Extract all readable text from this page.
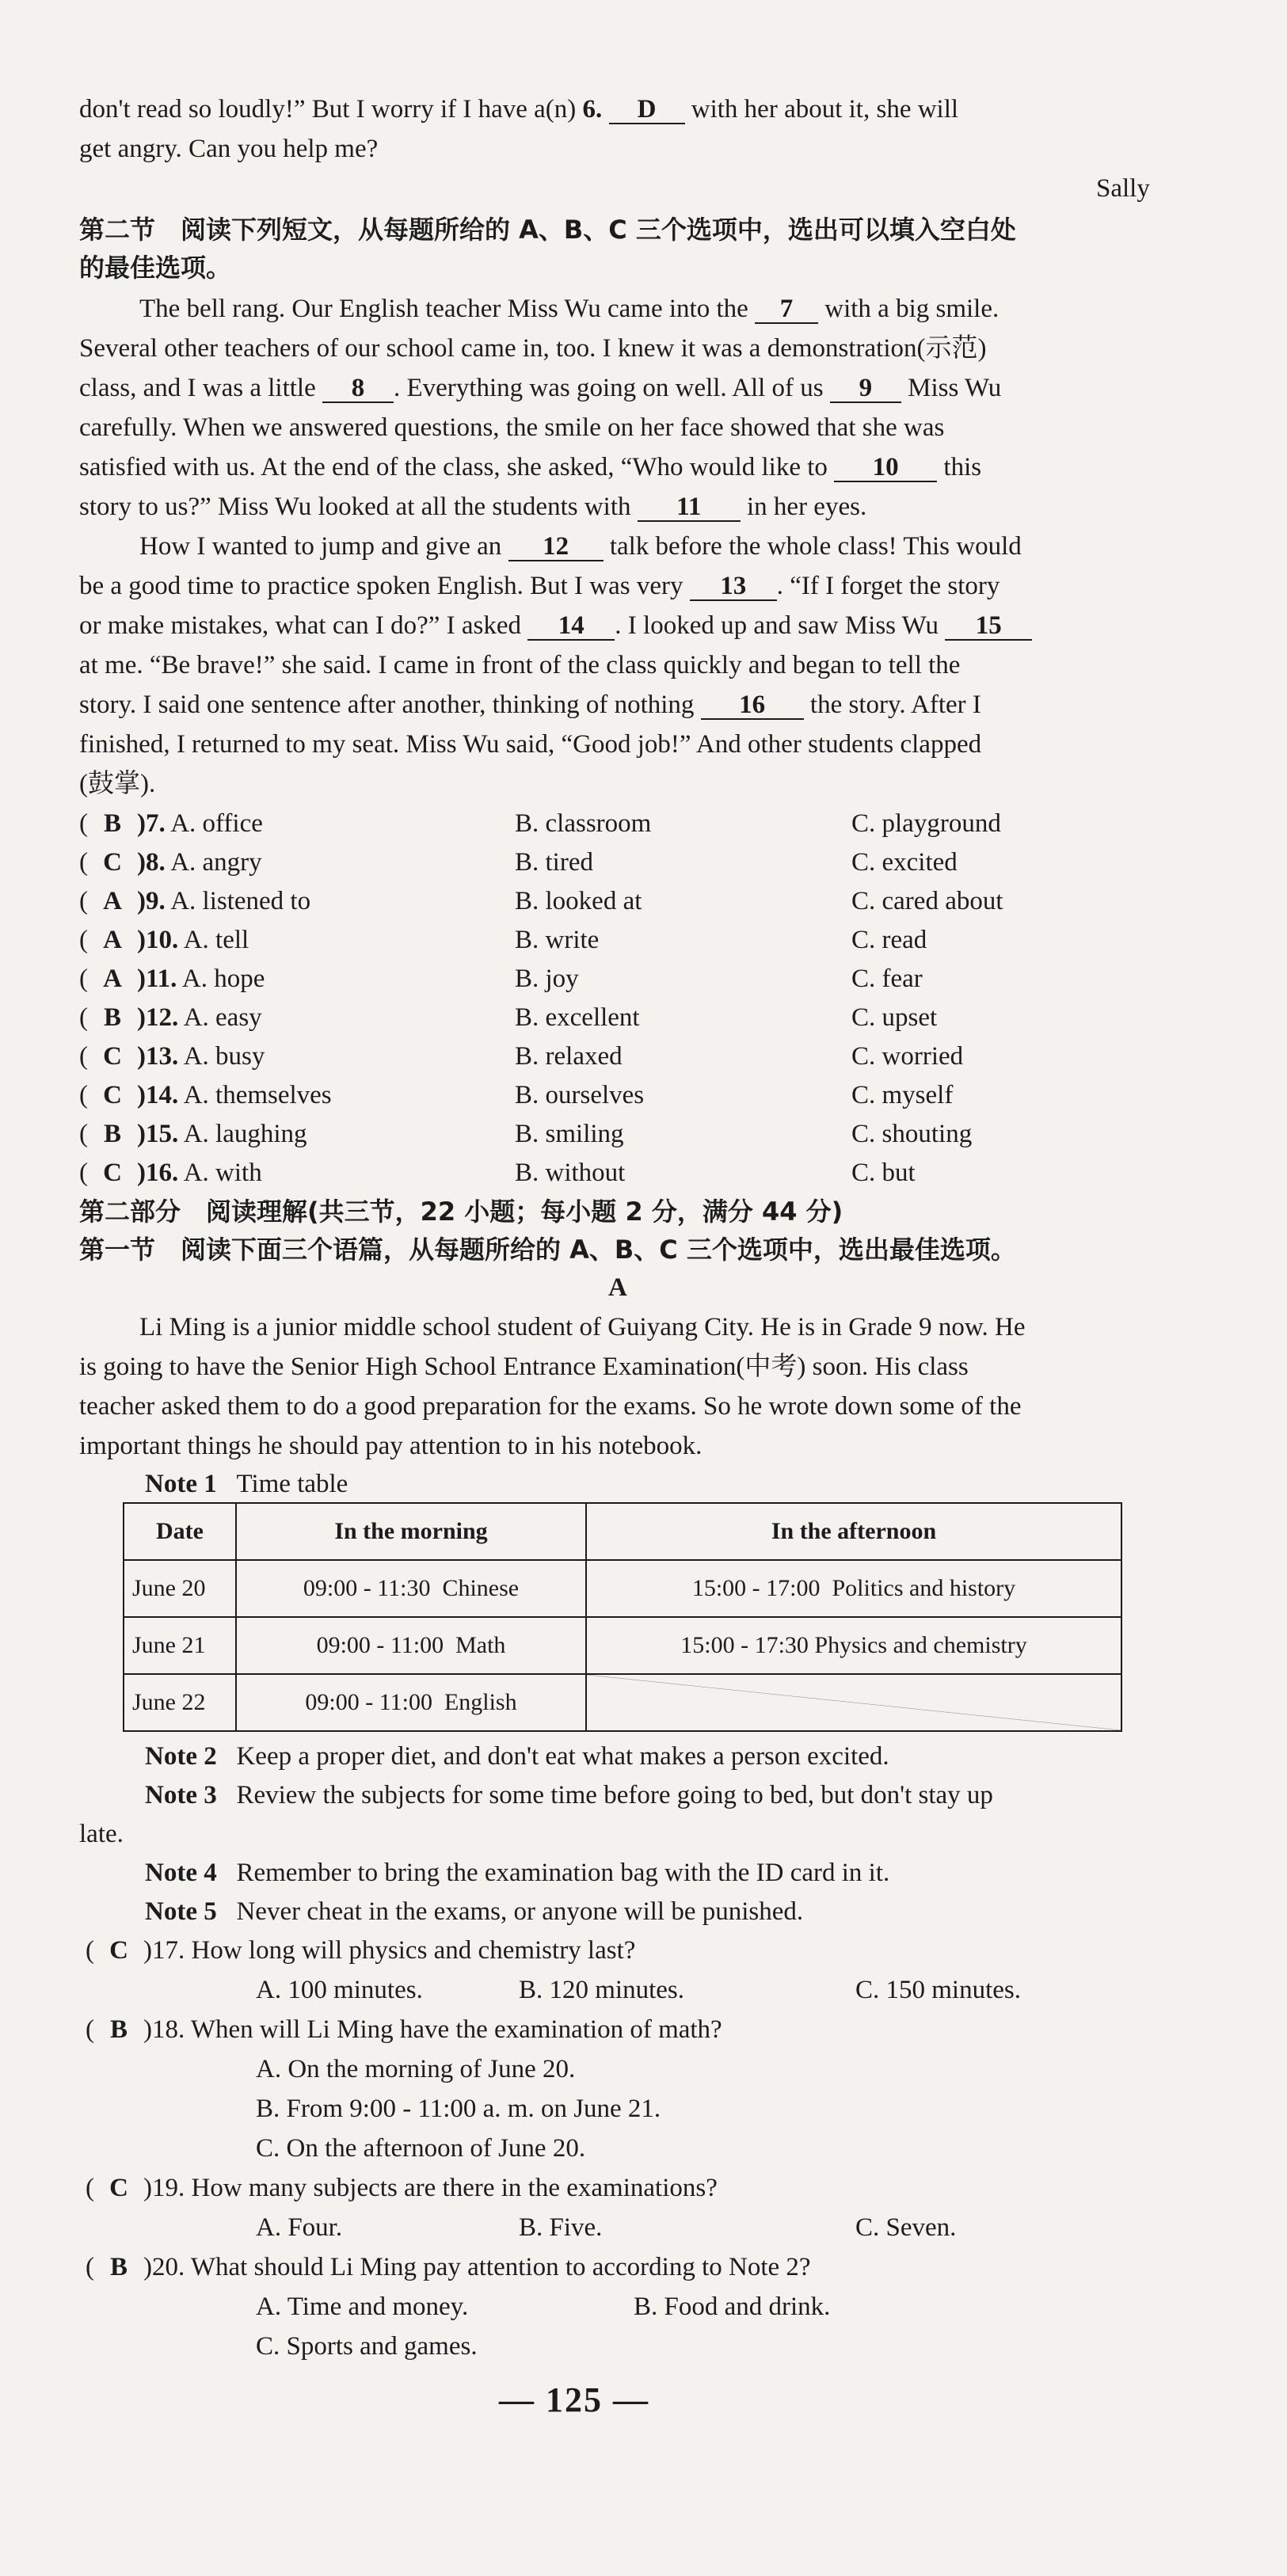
don't read so loudly!” But I worry if I have a(n) 6. D with her about it, she will
get angry. Can you help me?
Sally
第二节　阅读下列短文，从每题所给的 A、B、C 三个选项中，选出可以填入空白处
的最佳选项。
The bell rang. Our English teacher Miss Wu came into the 7 with a big smile.
Several other teachers of our school came in, too. I knew it was a demonstration(示范)
class, and I was a little 8 . Everything was going on well. All of us 9 Miss Wu
carefully. When we answered questions, the smile on her face showed that she was
satisfied with us. At the end of the class, she asked, “Who would like to 10 this
story to us?” Miss Wu looked at all the students with 11 in her eyes.
How I wanted to jump and give an 12 talk before the whole class! This would
be a good time to practice spoken English. But I was very 13 . “If I forget the story
or make mistakes, what can I do?” I asked 14 . I looked up and saw Miss Wu 15
at me. “Be brave!” she said. I came in front of the class quickly and began to tell the
story. I said one sentence after another, thinking of nothing 16 the story. After I
finished, I returned to my seat. Miss Wu said, “Good job!” And other students clapped
(鼓掌).
( B )7. A. office	B. classroom	C. playground
( C )8. A. angry	B. tired	C. excited
( A )9. A. listened to	B. looked at	C. cared about
( A )10. A. tell	B. write	C. read
( A )11. A. hope	B. joy	C. fear
( B )12. A. easy	B. excellent	C. upset
( C )13. A. busy	B. relaxed	C. worried
( C )14. A. themselves	B. ourselves	C. myself
( B )15. A. laughing	B. smiling	C. shouting
( C )16. A. with	B. without	C. but
第二部分　阅读理解(共三节，22 小题；每小题 2 分，满分 44 分)
第一节　阅读下面三个语篇，从每题所给的 A、B、C 三个选项中，选出最佳选项。
A
Li Ming is a junior middle school student of Guiyang City. He is in Grade 9 now. He
is going to have the Senior High School Entrance Examination(中考) soon. His class
teacher asked them to do a good preparation for the exams. So he wrote down some of the
important things he should pay attention to in his notebook.
Note 1 Time table
Date	In the morning	In the afternoon
June 20	09:00 - 11:30  Chinese	15:00 - 17:00  Politics and history
June 21	09:00 - 11:00  Math	15:00 - 17:30 Physics and chemistry
June 22	09:00 - 11:00  English	
Note 2 Keep a proper diet, and don't eat what makes a person excited.
Note 3 Review the subjects for some time before going to bed, but don't stay up
late.
Note 4 Remember to bring the examination bag with the ID card in it.
Note 5 Never cheat in the exams, or anyone will be punished.
( C )17. How long will physics and chemistry last?
A. 100 minutes.	B. 120 minutes.	C. 150 minutes.
( B )18. When will Li Ming have the examination of math?
A. On the morning of June 20.
B. From 9:00 - 11:00 a. m. on June 21.
C. On the afternoon of June 20.
( C )19. How many subjects are there in the examinations?
A. Four.	B. Five.	C. Seven.
( B )20. What should Li Ming pay attention to according to Note 2?
A. Time and money.	B. Food and drink.
C. Sports and games.
— 125 —
